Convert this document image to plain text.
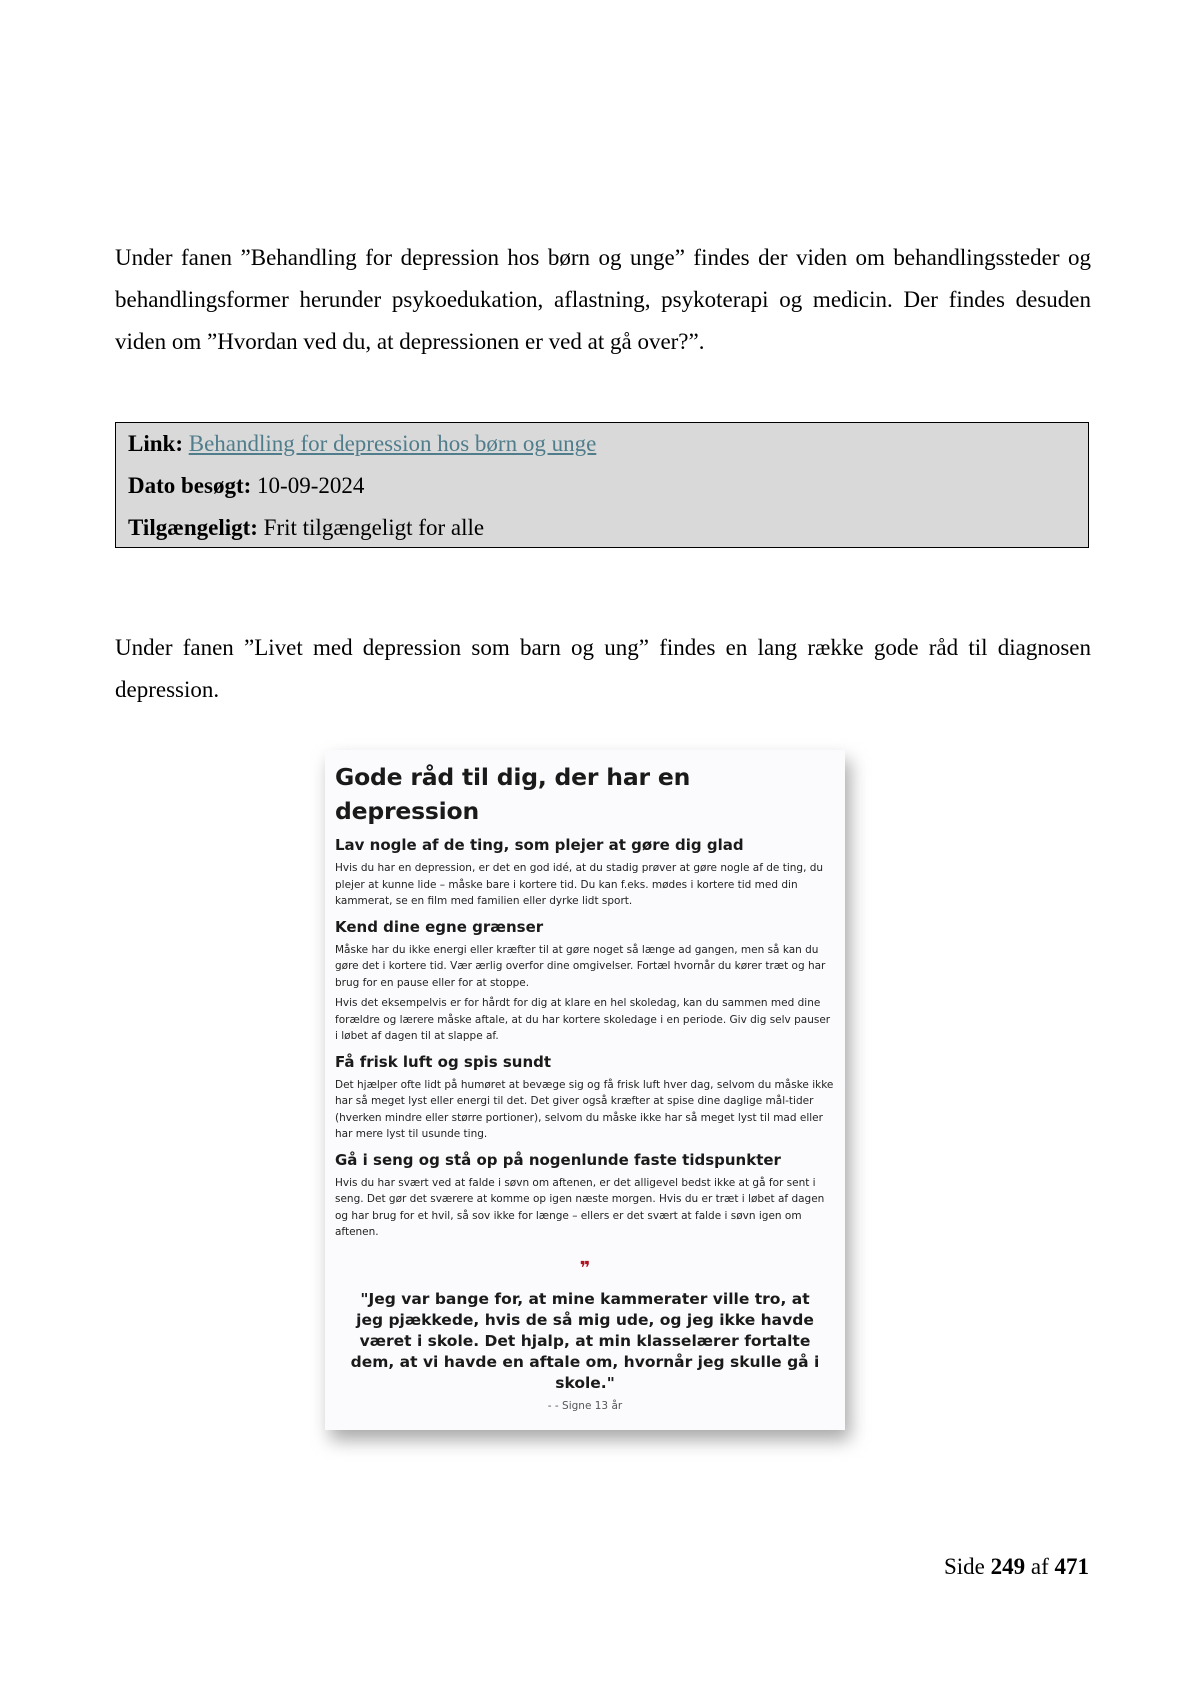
Under fanen ”Behandling for depression hos børn og unge” findes der viden om behandlingssteder og behandlingsformer herunder psykoedukation, aflastning, psykoterapi og medicin. Der findes desuden viden om ”Hvordan ved du, at depressionen er ved at gå over?”.

Link: Behandling for depression hos børn og unge
Dato besøgt: 10-09-2024
Tilgængeligt: Frit tilgængeligt for alle

Under fanen ”Livet med depression som barn og ung” findes en lang række gode råd til diagnosen depression.

Gode råd til dig, der har en depression
Lav nogle af de ting, som plejer at gøre dig glad

Hvis du har en depression, er det en god idé, at du stadig prøver at gøre nogle af de ting, du plejer at kunne lide – måske bare i kortere tid. Du kan f.eks. mødes i kortere tid med din kammerat, se en film med familien eller dyrke lidt sport.

Kend dine egne grænser

Måske har du ikke energi eller kræfter til at gøre noget så længe ad gangen, men så kan du gøre det i kortere tid. Vær ærlig overfor dine omgivelser. Fortæl hvornår du kører træt og har brug for en pause eller for at stoppe.

Hvis det eksempelvis er for hårdt for dig at klare en hel skoledag, kan du sammen med dine forældre og lærere måske aftale, at du har kortere skoledage i en periode. Giv dig selv pauser i løbet af dagen til at slappe af.

Få frisk luft og spis sundt

Det hjælper ofte lidt på humøret at bevæge sig og få frisk luft hver dag, selvom du måske ikke har så meget lyst eller energi til det. Det giver også kræfter at spise dine daglige mål-tider (hverken mindre eller større portioner), selvom du måske ikke har så meget lyst til mad eller har mere lyst til usunde ting.

Gå i seng og stå op på nogenlunde faste tidspunkter

Hvis du har svært ved at falde i søvn om aftenen, er det alligevel bedst ikke at gå for sent i seng. Det gør det sværere at komme op igen næste morgen. Hvis du er træt i løbet af dagen og har brug for et hvil, så sov ikke for længe – ellers er det svært at falde i søvn igen om aftenen.

❞
"Jeg var bange for, at mine kammerater ville tro, at jeg pjækkede, hvis de så mig ude, og jeg ikke havde været i skole. Det hjalp, at min klasselærer fortalte dem, at vi havde en aftale om, hvornår jeg skulle gå i skole."
- - Signe 13 år
Side 249 af 471
